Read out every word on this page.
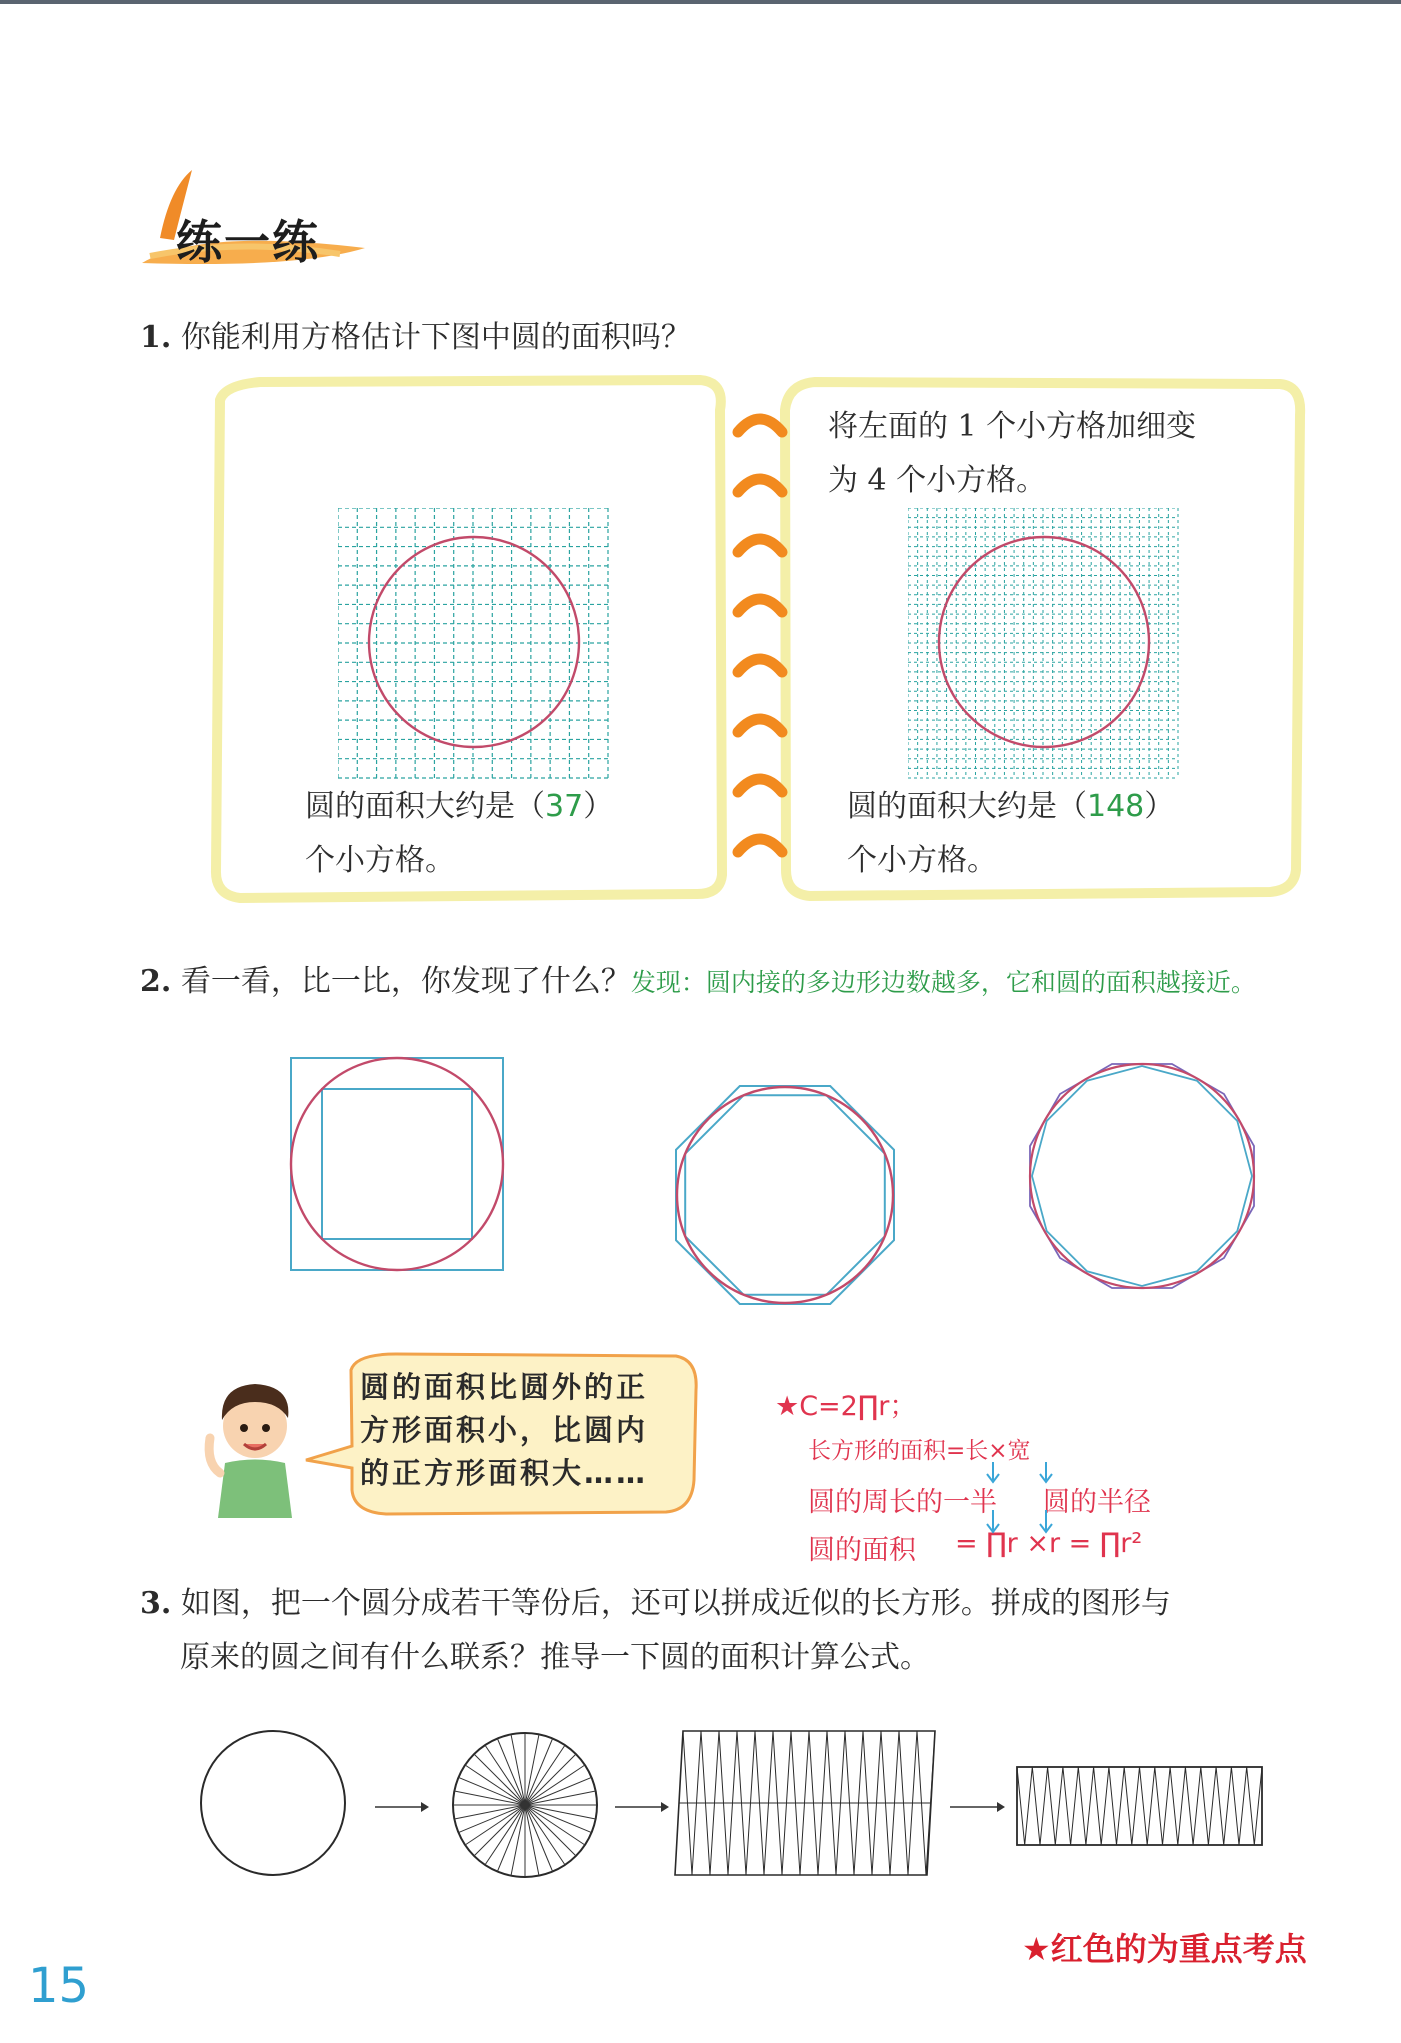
练一练
1. 你能利用方格估计下图中圆的面积吗？
将左面的 1 个小方格加细变
为 4 个小方格。
圆的面积大约是（37）
个小方格。
圆的面积大约是（148）
个小方格。
2. 看一看，比一比，你发现了什么？发现：圆内接的多边形边数越多，它和圆的面积越接近。
圆的面积比圆外的正
方形面积小，比圆内
的正方形面积大……
★C=2∏r；
长方形的面积=长×宽
圆的周长的一半 圆的半径
圆的面积 = ∏r ×r = ∏r²
3. 如图，把一个圆分成若干等份后，还可以拼成近似的长方形。拼成的图形与
原来的圆之间有什么联系？推导一下圆的面积计算公式。
15
★红色的为重点考点
